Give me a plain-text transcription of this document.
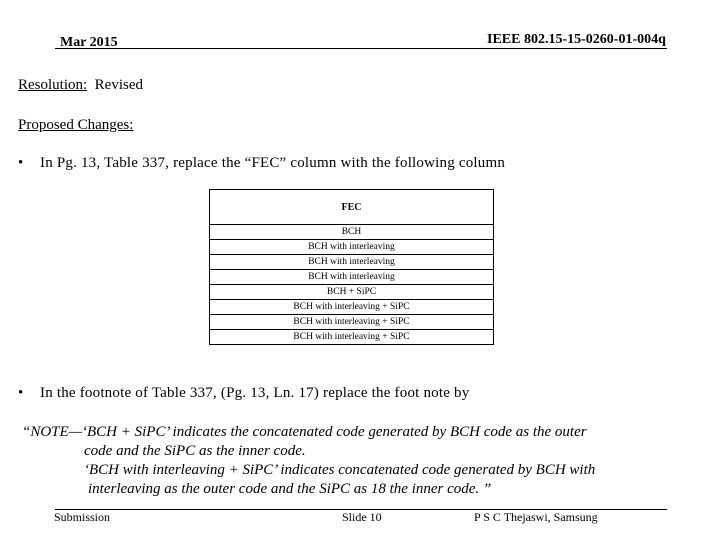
Mar 2015	IEEE 802.15-15-0260-01-004q
Resolution: Revised
Proposed Changes:
• In Pg. 13, Table 337, replace the “FEC” column with the following column
FEC
BCH
BCH with interleaving
BCH with interleaving
BCH with interleaving
BCH + SiPC
BCH with interleaving + SiPC
BCH with interleaving + SiPC
BCH with interleaving + SiPC
• In the footnote of Table 337, (Pg. 13, Ln. 17) replace the foot note by
“NOTE—‘BCH + SiPC’ indicates the concatenated code generated by BCH code as the outer
code and the SiPC as the inner code.
‘BCH with interleaving + SiPC’ indicates concatenated code generated by BCH with
interleaving as the outer code and the SiPC as 18 the inner code. ”
Submission	Slide 10	P S C Thejaswi, Samsung
